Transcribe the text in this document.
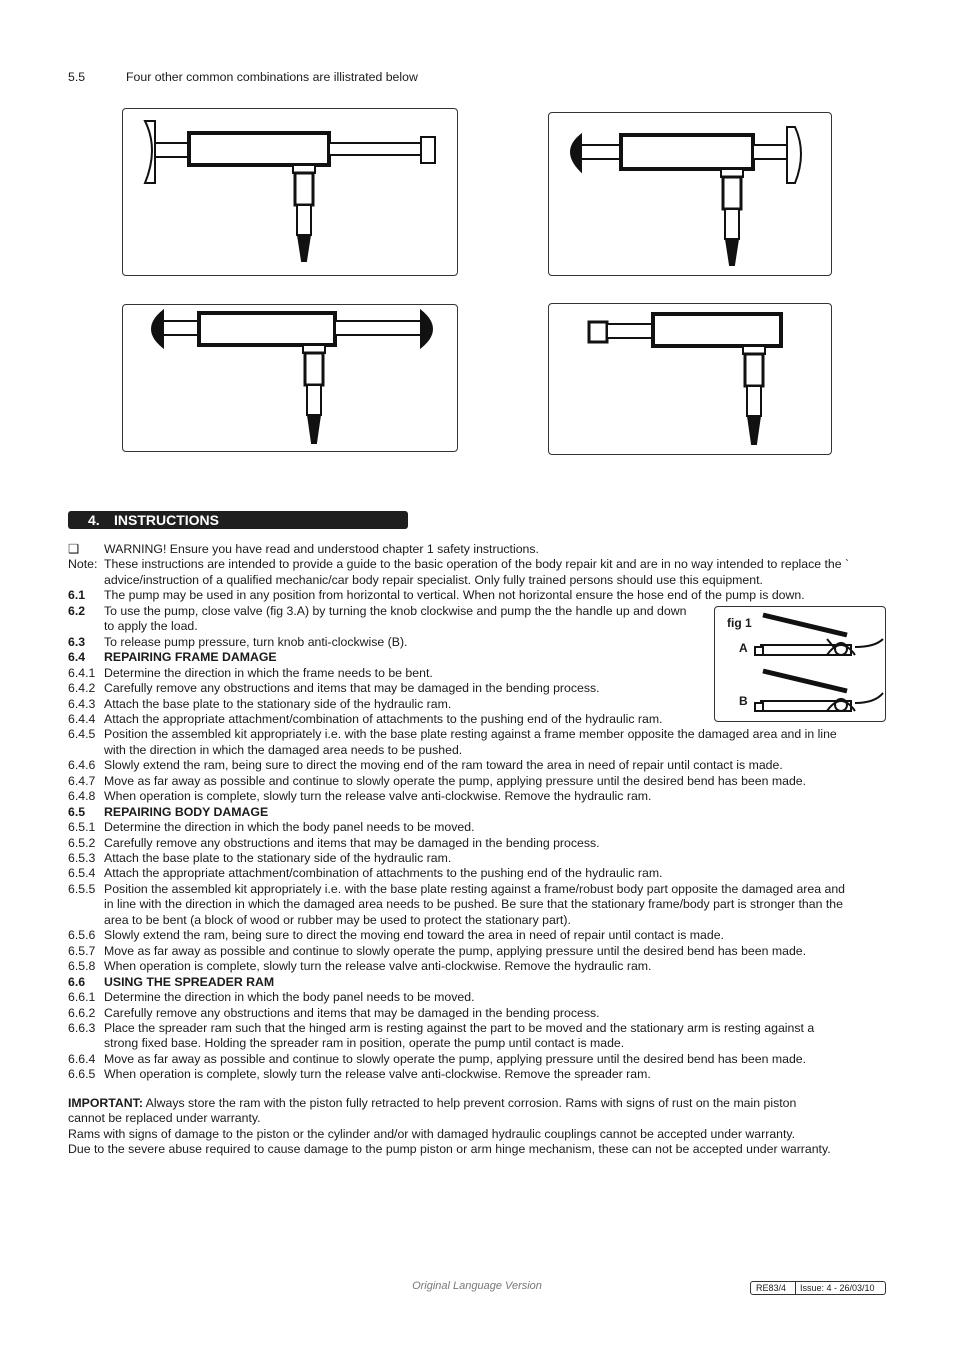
5.5	Four other common combinations are illistrated below
4. INSTRUCTIONS
fig 1
A
B
❑ WARNING! Ensure you have read and understood chapter 1 safety instructions.
Note: These instructions are intended to provide a guide to the basic operation of the body repair kit and are in no way intended to replace the `
advice/instruction of a qualified mechanic/car body repair specialist. Only fully trained persons should use this equipment.
6.1 The pump may be used in any position from horizontal to vertical. When not horizontal ensure the hose end of the pump is down.
6.2 To use the pump, close valve (fig 3.A) by turning the knob clockwise and pump the the handle up and down
to apply the load.
6.3 To release pump pressure, turn knob anti-clockwise (B).
6.4 REPAIRING FRAME DAMAGE
6.4.1 Determine the direction in which the frame needs to be bent.
6.4.2 Carefully remove any obstructions and items that may be damaged in the bending process.
6.4.3 Attach the base plate to the stationary side of the hydraulic ram.
6.4.4 Attach the appropriate attachment/combination of attachments to the pushing end of the hydraulic ram.
6.4.5 Position the assembled kit appropriately i.e. with the base plate resting against a frame member opposite the damaged area and in line
with the direction in which the damaged area needs to be pushed.
6.4.6 Slowly extend the ram, being sure to direct the moving end of the ram toward the area in need of repair until contact is made.
6.4.7 Move as far away as possible and continue to slowly operate the pump, applying pressure until the desired bend has been made.
6.4.8 When operation is complete, slowly turn the release valve anti-clockwise. Remove the hydraulic ram.
6.5 REPAIRING BODY DAMAGE
6.5.1 Determine the direction in which the body panel needs to be moved.
6.5.2 Carefully remove any obstructions and items that may be damaged in the bending process.
6.5.3 Attach the base plate to the stationary side of the hydraulic ram.
6.5.4 Attach the appropriate attachment/combination of attachments to the pushing end of the hydraulic ram.
6.5.5 Position the assembled kit appropriately i.e. with the base plate resting against a frame/robust body part opposite the damaged area and
in line with the direction in which the damaged area needs to be pushed. Be sure that the stationary frame/body part is stronger than the
area to be bent (a block of wood or rubber may be used to protect the stationary part).
6.5.6 Slowly extend the ram, being sure to direct the moving end toward the area in need of repair until contact is made.
6.5.7 Move as far away as possible and continue to slowly operate the pump, applying pressure until the desired bend has been made.
6.5.8 When operation is complete, slowly turn the release valve anti-clockwise. Remove the hydraulic ram.
6.6 USING THE SPREADER RAM
6.6.1 Determine the direction in which the body panel needs to be moved.
6.6.2 Carefully remove any obstructions and items that may be damaged in the bending process.
6.6.3 Place the spreader ram such that the hinged arm is resting against the part to be moved and the stationary arm is resting against a
strong fixed base. Holding the spreader ram in position, operate the pump until contact is made.
6.6.4 Move as far away as possible and continue to slowly operate the pump, applying pressure until the desired bend has been made.
6.6.5 When operation is complete, slowly turn the release valve anti-clockwise. Remove the spreader ram.
IMPORTANT: Always store the ram with the piston fully retracted to help prevent corrosion. Rams with signs of rust on the main piston
cannot be replaced under warranty.
Rams with signs of damage to the piston or the cylinder and/or with damaged hydraulic couplings cannot be accepted under warranty.
Due to the severe abuse required to cause damage to the pump piston or arm hinge mechanism, these can not be accepted under warranty.
Original Language Version	RE83/4 Issue: 4 - 26/03/10
